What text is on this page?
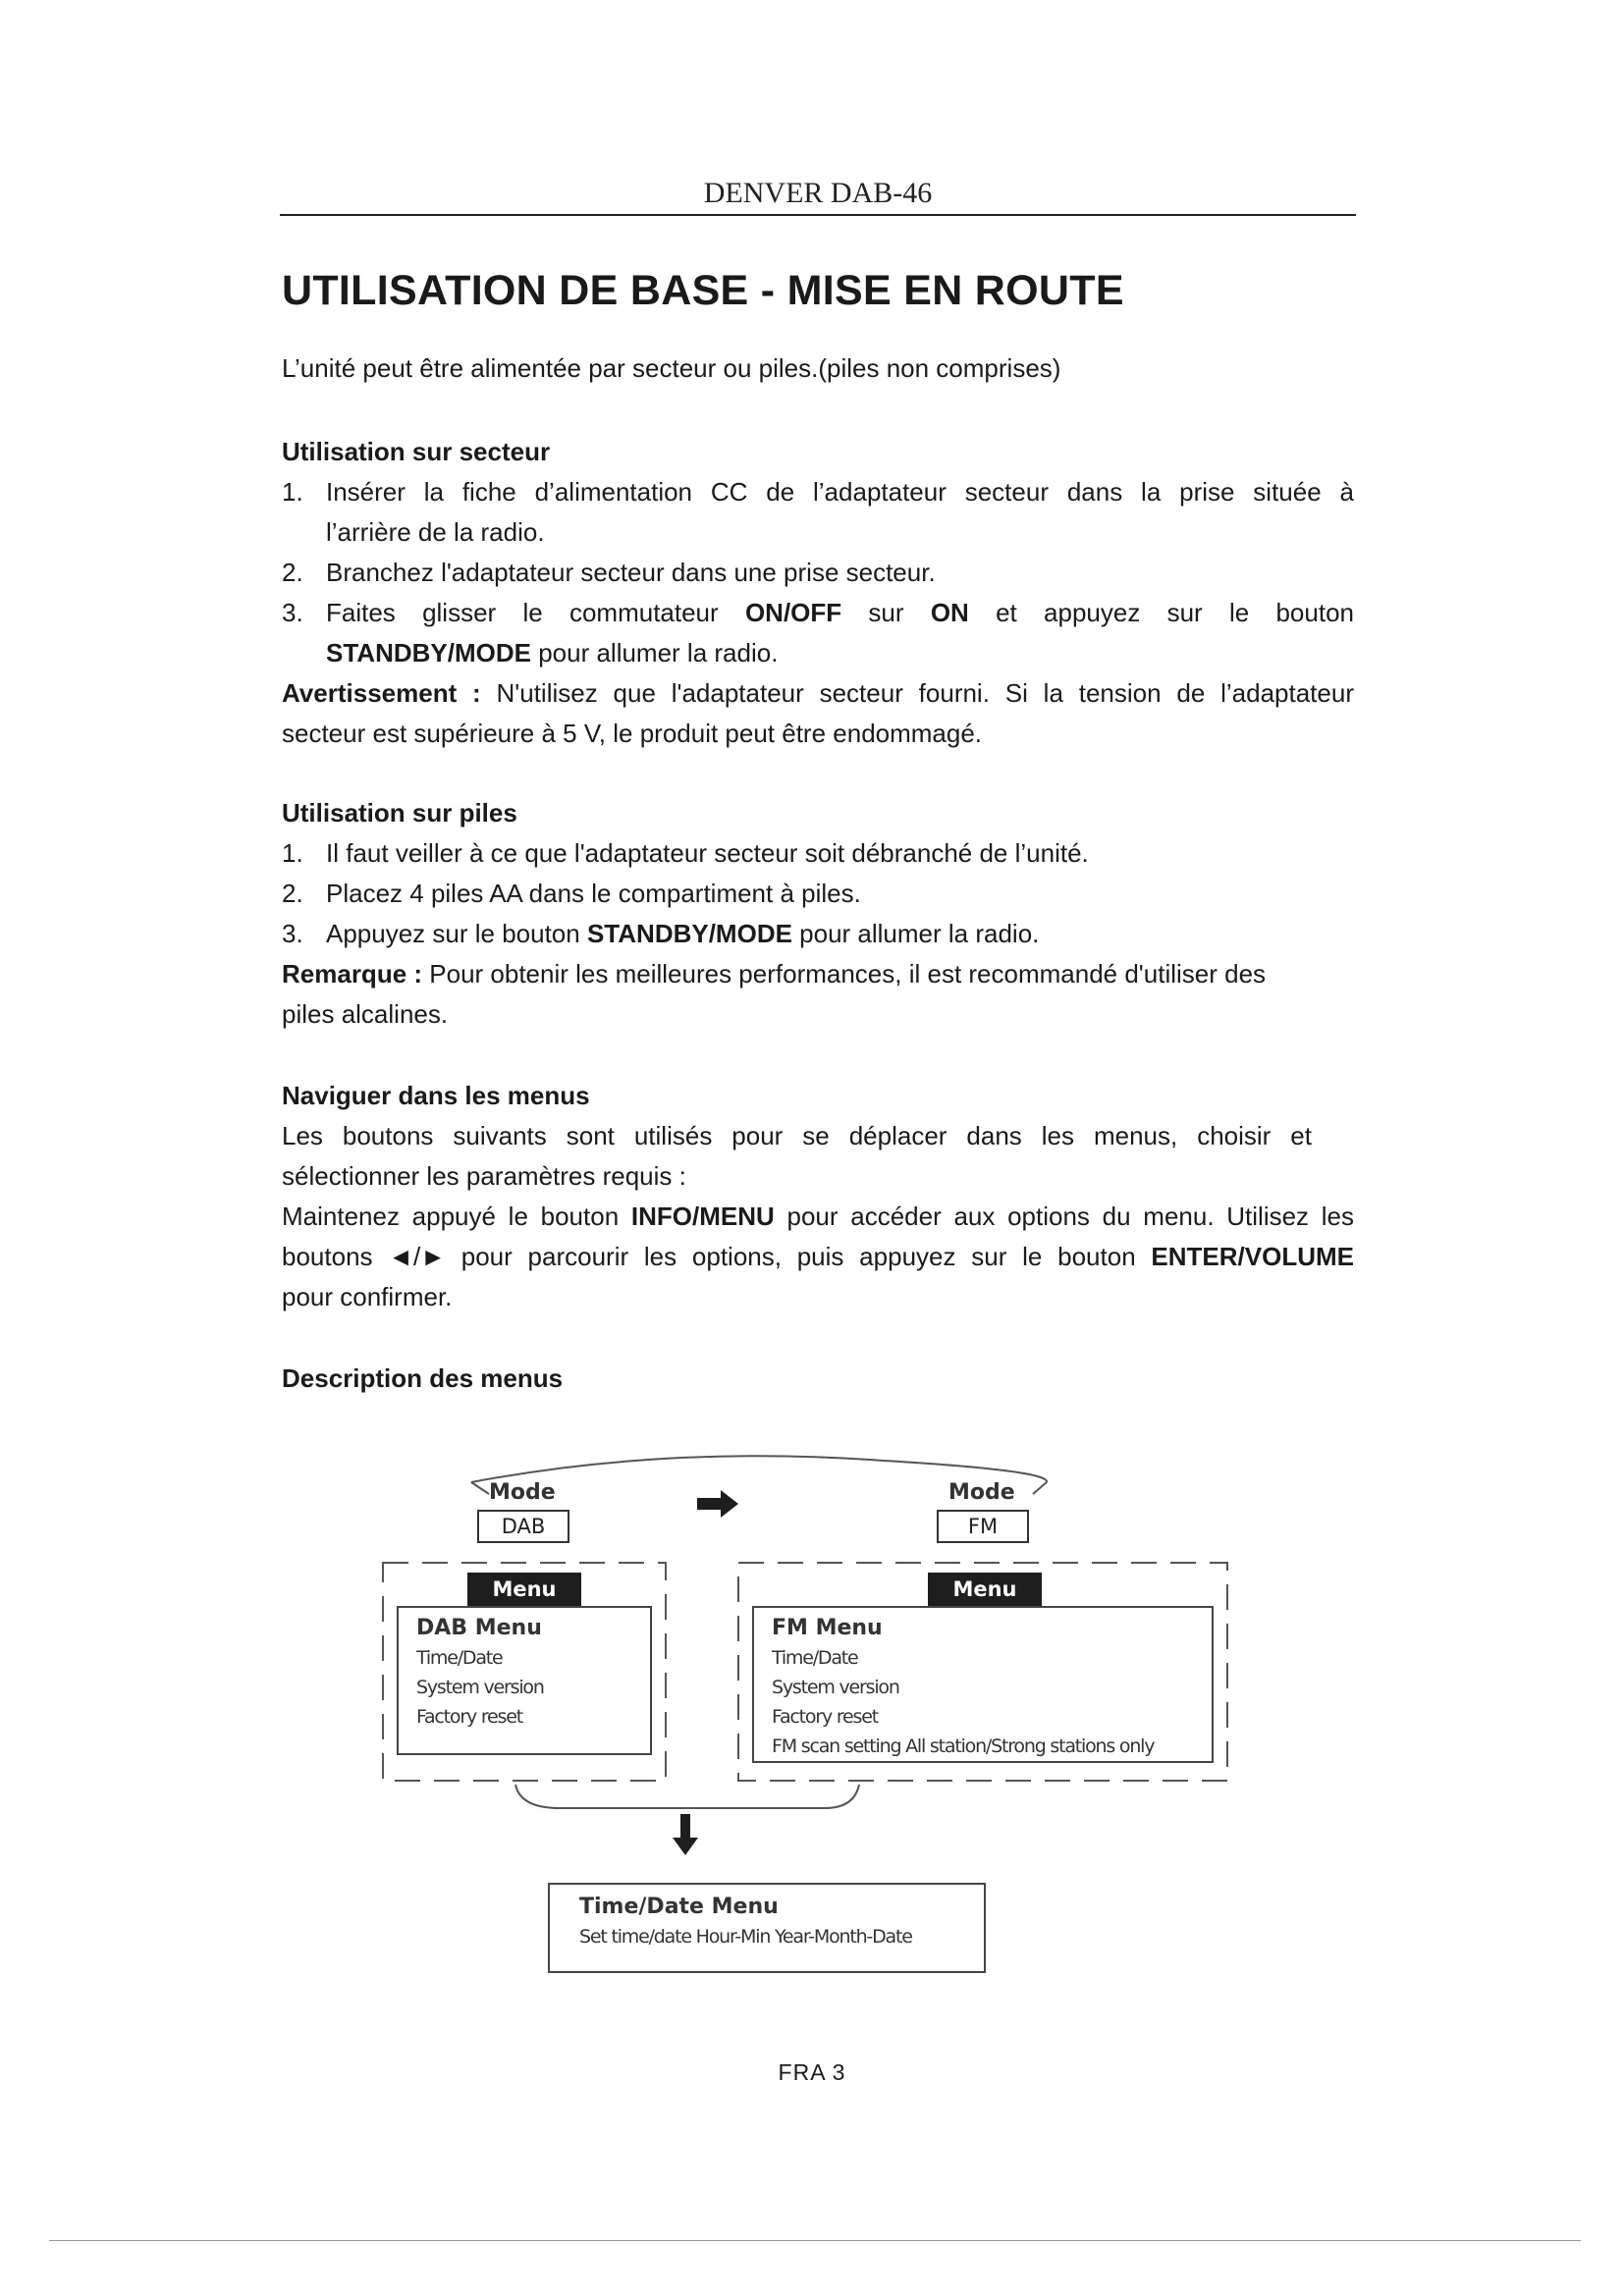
DENVER DAB-46
UTILISATION DE BASE - MISE EN ROUTE

L’unité peut être alimentée par secteur ou piles.(piles non comprises)

Utilisation sur secteur

1. Insérer la fiche d’alimentation CC de l’adaptateur secteur dans la prise située à

l’arrière de la radio.

2. Branchez l'adaptateur secteur dans une prise secteur.
3. Faites glisser le commutateur ON/OFF sur ON et appuyez sur le bouton

STANDBY/MODE pour allumer la radio.

Avertissement : N'utilisez que l'adaptateur secteur fourni. Si la tension de l’adaptateur

secteur est supérieure à 5 V, le produit peut être endommagé.

Utilisation sur piles

1. Il faut veiller à ce que l'adaptateur secteur soit débranché de l’unité.
2. Placez 4 piles AA dans le compartiment à piles.
3. Appuyez sur le bouton STANDBY/MODE pour allumer la radio.

Remarque : Pour obtenir les meilleures performances, il est recommandé d'utiliser des

piles alcalines.

Naviguer dans les menus

Les boutons suivants sont utilisés pour se déplacer dans les menus, choisir et

sélectionner les paramètres requis :

Maintenez appuyé le bouton INFO/MENU pour accéder aux options du menu. Utilisez les

boutons ◄/► pour parcourir les options, puis appuyez sur le bouton ENTER/VOLUME

pour confirmer.

Description des menus

Mode
DAB
Mode
FM
Menu	Menu
DAB Menu
Time/Date
System version
Factory reset
FM Menu
Time/Date
System version
Factory reset
FM scan setting All station/Strong stations only
Time/Date Menu
Set time/date Hour-Min Year-Month-Date
FRA 3
